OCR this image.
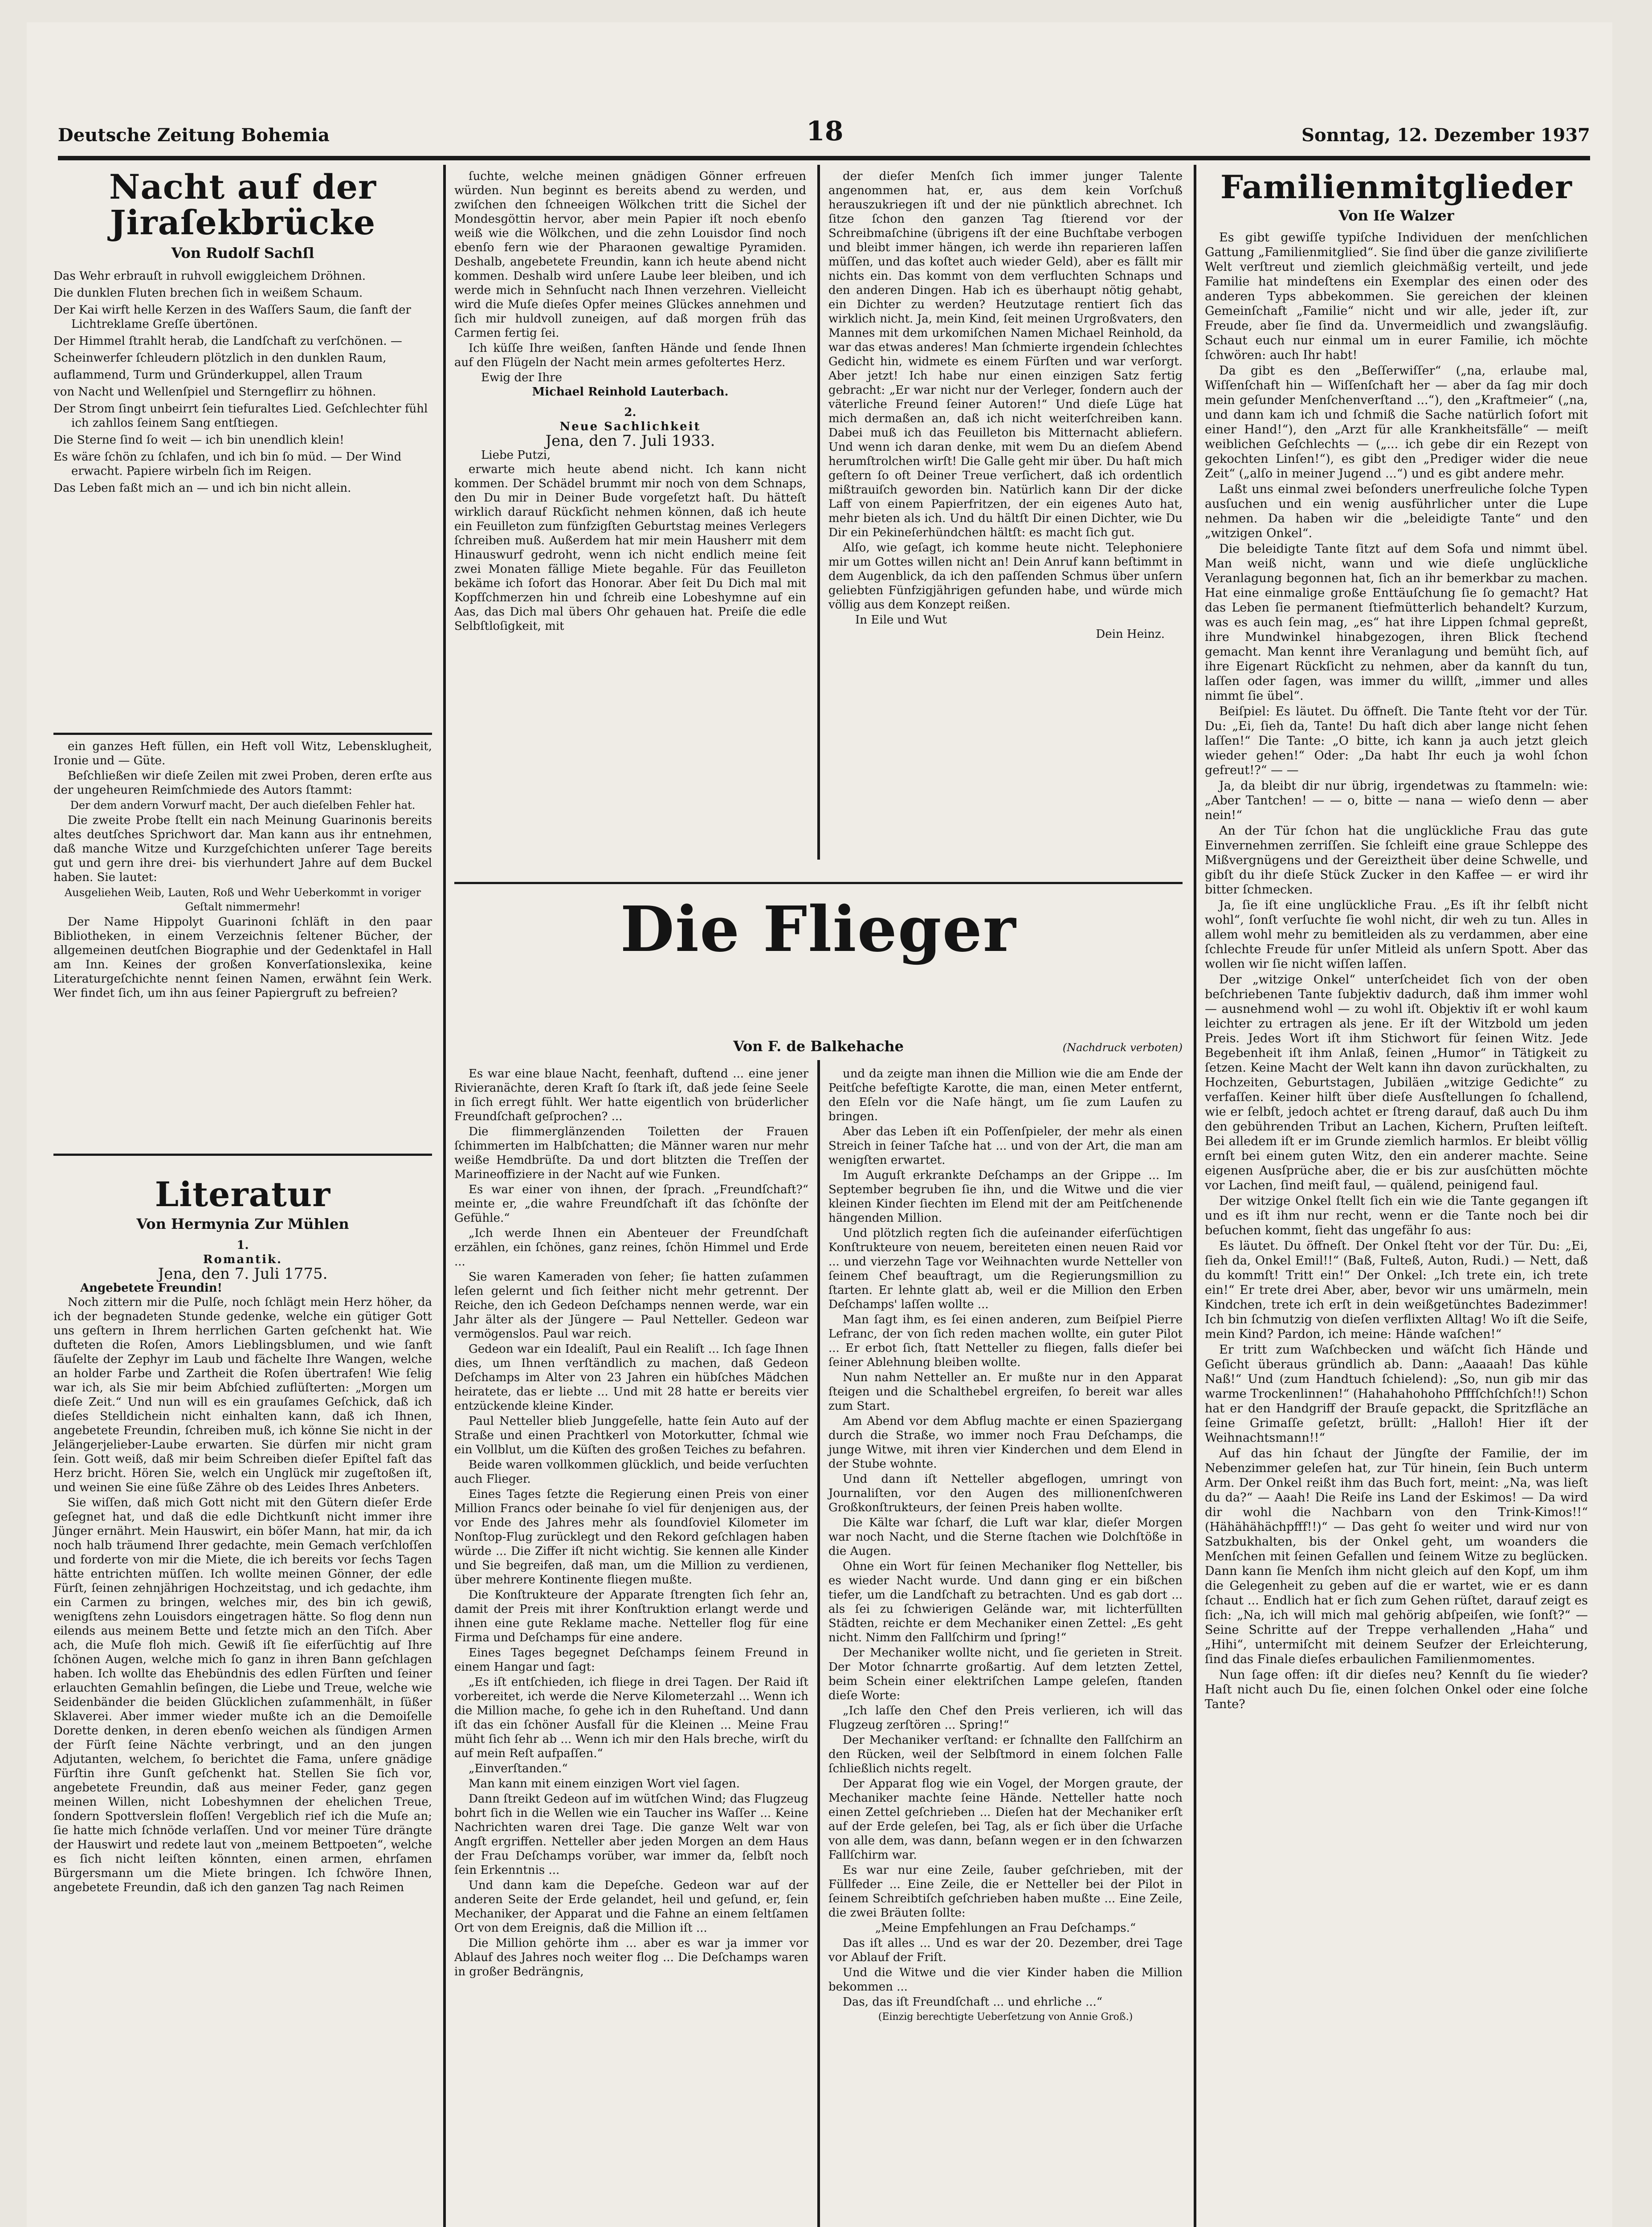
Deutsche Zeitung Bohemia	18	Sonntag, 12. Dezember 1937
Nacht auf der Jiraſekbrücke
Von Rudolf Sachſl

Das Wehr erbrauſt in ruhvoll ewiggleichem Dröhnen.

Die dunklen Fluten brechen ſich in weißem Schaum.

Der Kai wirft helle Kerzen in des Waſſers Saum, die ſanft der Lichtreklame Greſſe übertönen.

Der Himmel ſtrahlt herab, die Landſchaft zu verſchönen. —

Scheinwerfer ſchleudern plötzlich in den dunklen Raum,

auflammend, Turm und Gründerkuppel, allen Traum

von Nacht und Wellenſpiel und Sterngeflirr zu höhnen.

Der Strom ſingt unbeirrt ſein tiefuraltes Lied. Geſchlechter fühl ich zahllos ſeinem Sang entſtiegen.

Die Sterne ſind ſo weit — ich bin unendlich klein!

Es wäre ſchön zu ſchlafen, und ich bin ſo müd. — Der Wind erwacht. Papiere wirbeln ſich im Reigen.

Das Leben faßt mich an — und ich bin nicht allein.

ein ganzes Heft füllen, ein Heft voll Witz, Lebensklugheit, Ironie und — Güte.

Beſchließen wir dieſe Zeilen mit zwei Proben, deren erſte aus der ungeheuren Reimſchmiede des Autors ſtammt:

Der dem andern Vorwurf macht, Der auch dieſelben Fehler hat.

Die zweite Probe ſtellt ein nach Meinung Guarinonis bereits altes deutſches Sprichwort dar. Man kann aus ihr entnehmen, daß manche Witze und Kurzgeſchichten unſerer Tage bereits gut und gern ihre drei- bis vierhundert Jahre auf dem Buckel haben. Sie lautet:

Ausgeliehen Weib, Lauten, Roß und Wehr Ueberkommt in voriger Geſtalt nimmermehr!

Der Name Hippolyt Guarinoni ſchläft in den paar Bibliotheken, in einem Verzeichnis ſeltener Bücher, der allgemeinen deutſchen Biographie und der Gedenktafel in Hall am Inn. Keines der großen Konverſationslexika, keine Literaturgeſchichte nennt ſeinen Namen, erwähnt ſein Werk. Wer findet ſich, um ihn aus ſeiner Papiergruft zu befreien?

Literatur
Von Hermynia Zur Mühlen
1.
Romantik.
Jena, den 7. Juli 1775.
Angebetete Freundin!

Noch zittern mir die Pulſe, noch ſchlägt mein Herz höher, da ich der begnadeten Stunde gedenke, welche ein gütiger Gott uns geſtern in Ihrem herrlichen Garten geſchenkt hat. Wie dufteten die Roſen, Amors Lieblingsblumen, und wie ſanft ſäuſelte der Zephyr im Laub und fächelte Ihre Wangen, welche an holder Farbe und Zartheit die Roſen übertrafen! Wie ſelig war ich, als Sie mir beim Abſchied zuflüſterten: „Morgen um dieſe Zeit.“ Und nun will es ein grauſames Geſchick, daß ich dieſes Stelldichein nicht einhalten kann, daß ich Ihnen, angebetete Freundin, ſchreiben muß, ich könne Sie nicht in der Jelängerjelieber-Laube erwarten. Sie dürfen mir nicht gram ſein. Gott weiß, daß mir beim Schreiben dieſer Epiſtel faſt das Herz bricht. Hören Sie, welch ein Unglück mir zugeſtoßen iſt, und weinen Sie eine ſüße Zähre ob des Leides Ihres Anbeters.

Sie wiſſen, daß mich Gott nicht mit den Gütern dieſer Erde geſegnet hat, und daß die edle Dichtkunſt nicht immer ihre Jünger ernährt. Mein Hauswirt, ein böſer Mann, hat mir, da ich noch halb träumend Ihrer gedachte, mein Gemach verſchloſſen und forderte von mir die Miete, die ich bereits vor ſechs Tagen hätte entrichten müſſen. Ich wollte meinen Gönner, der edle Fürſt, ſeinen zehnjährigen Hochzeitstag, und ich gedachte, ihm ein Carmen zu bringen, welches mir, des bin ich gewiß, wenigſtens zehn Louisdors eingetragen hätte. So flog denn nun eilends aus meinem Bette und ſetzte mich an den Tiſch. Aber ach, die Muſe floh mich. Gewiß iſt ſie eiferſüchtig auf Ihre ſchönen Augen, welche mich ſo ganz in ihren Bann geſchlagen haben. Ich wollte das Ehebündnis des edlen Fürſten und ſeiner erlauchten Gemahlin beſingen, die Liebe und Treue, welche wie Seidenbänder die beiden Glücklichen zuſammenhält, in ſüßer Sklaverei. Aber immer wieder mußte ich an die Demoiſelle Dorette denken, in deren ebenſo weichen als ſündigen Armen der Fürſt ſeine Nächte verbringt, und an den jungen Adjutanten, welchem, ſo berichtet die Fama, unſere gnädige Fürſtin ihre Gunſt geſchenkt hat. Stellen Sie ſich vor, angebetete Freundin, daß aus meiner Feder, ganz gegen meinen Willen, nicht Lobeshymnen der ehelichen Treue, ſondern Spottverslein floſſen! Vergeblich rief ich die Muſe an; ſie hatte mich ſchnöde verlaſſen. Und vor meiner Türe drängte der Hauswirt und redete laut von „meinem Bettpoeten“, welche es ſich nicht leiſten könnten, einen armen, ehrſamen Bürgersmann um die Miete bringen. Ich ſchwöre Ihnen, angebetete Freundin, daß ich den ganzen Tag nach Reimen

ſuchte, welche meinen gnädigen Gönner erfreuen würden. Nun beginnt es bereits abend zu werden, und zwiſchen den ſchneeigen Wölkchen tritt die Sichel der Mondesgöttin hervor, aber mein Papier iſt noch ebenſo weiß wie die Wölkchen, und die zehn Louisdor ſind noch ebenſo fern wie der Pharaonen gewaltige Pyramiden. Deshalb, angebetete Freundin, kann ich heute abend nicht kommen. Deshalb wird unſere Laube leer bleiben, und ich werde mich in Sehnſucht nach Ihnen verzehren. Vielleicht wird die Muſe dieſes Opfer meines Glückes annehmen und ſich mir huldvoll zuneigen, auf daß morgen früh das Carmen fertig ſei.

Ich küſſe Ihre weißen, ſanften Hände und ſende Ihnen auf den Flügeln der Nacht mein armes gefoltertes Herz.

Ewig der Ihre
Michael Reinhold Lauterbach.
2.
Neue Sachlichkeit
Jena, den 7. Juli 1933.
Liebe Putzi,

erwarte mich heute abend nicht. Ich kann nicht kommen. Der Schädel brummt mir noch von dem Schnaps, den Du mir in Deiner Bude vorgeſetzt haſt. Du hätteſt wirklich darauf Rückſicht nehmen können, daß ich heute ein Feuilleton zum fünfzigſten Geburtstag meines Verlegers ſchreiben muß. Außerdem hat mir mein Hausherr mit dem Hinauswurf gedroht, wenn ich nicht endlich meine ſeit zwei Monaten fällige Miete begahle. Für das Feuilleton bekäme ich ſofort das Honorar. Aber ſeit Du Dich mal mit Kopfſchmerzen hin und ſchreib eine Lobeshymne auf ein Aas, das Dich mal übers Ohr gehauen hat. Preiſe die edle Selbſtloſigkeit, mit

der dieſer Menſch ſich immer junger Talente angenommen hat, er, aus dem kein Vorſchuß herauszukriegen iſt und der nie pünktlich abrechnet. Ich ſitze ſchon den ganzen Tag ſtierend vor der Schreibmaſchine (übrigens iſt der eine Buchſtabe verbogen und bleibt immer hängen, ich werde ihn reparieren laſſen müſſen, und das koſtet auch wieder Geld), aber es fällt mir nichts ein. Das kommt von dem verfluchten Schnaps und den anderen Dingen. Hab ich es überhaupt nötig gehabt, ein Dichter zu werden? Heutzutage rentiert ſich das wirklich nicht. Ja, mein Kind, ſeit meinen Urgroßvaters, den Mannes mit dem urkomiſchen Namen Michael Reinhold, da war das etwas anderes! Man ſchmierte irgendein ſchlechtes Gedicht hin, widmete es einem Fürſten und war verſorgt. Aber jetzt! Ich habe nur einen einzigen Satz fertig gebracht: „Er war nicht nur der Verleger, ſondern auch der väterliche Freund ſeiner Autoren!“ Und dieſe Lüge hat mich dermaßen an, daß ich nicht weiterſchreiben kann. Dabei muß ich das Feuilleton bis Mitternacht abliefern. Und wenn ich daran denke, mit wem Du an dieſem Abend herumſtrolchen wirſt! Die Galle geht mir über. Du haſt mich geſtern ſo oft Deiner Treue verſichert, daß ich ordentlich mißtrauiſch geworden bin. Natürlich kann Dir der dicke Laff von einem Papierfritzen, der ein eigenes Auto hat, mehr bieten als ich. Und du hältſt Dir einen Dichter, wie Du Dir ein Pekineſerhündchen hältſt: es macht ſich gut.

Alſo, wie geſagt, ich komme heute nicht. Telephoniere mir um Gottes willen nicht an! Dein Anruf kann beſtimmt in dem Augenblick, da ich den paſſenden Schmus über unſern geliebten Fünfzigjährigen gefunden habe, und würde mich völlig aus dem Konzept reißen.

In Eile und Wut
Dein Heinz.
Die Flieger
Von F. de Balkehache	(Nachdruck verboten)

Es war eine blaue Nacht, feenhaft, duftend ... eine jener Rivieranächte, deren Kraft ſo ſtark iſt, daß jede ſeine Seele in ſich erregt fühlt. Wer hatte eigentlich von brüderlicher Freundſchaft geſprochen? ...

Die flimmerglänzenden Toiletten der Frauen ſchimmerten im Halbſchatten; die Männer waren nur mehr weiße Hemdbrüſte. Da und dort blitzten die Treſſen der Marineoffiziere in der Nacht auf wie Funken.

Es war einer von ihnen, der ſprach. „Freundſchaft?“ meinte er, „die wahre Freundſchaft iſt das ſchönſte der Gefühle.“

„Ich werde Ihnen ein Abenteuer der Freundſchaft erzählen, ein ſchönes, ganz reines, ſchön Himmel und Erde ...

Sie waren Kameraden von ſeher; ſie hatten zuſammen leſen gelernt und ſich ſeither nicht mehr getrennt. Der Reiche, den ich Gedeon Deſchamps nennen werde, war ein Jahr älter als der Jüngere — Paul Netteller. Gedeon war vermögenslos. Paul war reich.

Gedeon war ein Idealiſt, Paul ein Realiſt ... Ich ſage Ihnen dies, um Ihnen verſtändlich zu machen, daß Gedeon Deſchamps im Alter von 23 Jahren ein hübſches Mädchen heiratete, das er liebte ... Und mit 28 hatte er bereits vier entzückende kleine Kinder.

Paul Netteller blieb Junggeſelle, hatte ſein Auto auf der Straße und einen Prachtkerl von Motorkutter, ſchmal wie ein Vollblut, um die Küſten des großen Teiches zu befahren.

Beide waren vollkommen glücklich, und beide verſuchten auch Flieger.

Eines Tages ſetzte die Regierung einen Preis von einer Million Francs oder beinahe ſo viel für denjenigen aus, der vor Ende des Jahres mehr als ſoundſoviel Kilometer im Nonſtop-Flug zurücklegt und den Rekord geſchlagen haben würde ... Die Ziffer iſt nicht wichtig. Sie kennen alle Kinder und Sie begreifen, daß man, um die Million zu verdienen, über mehrere Kontinente fliegen mußte.

Die Konſtrukteure der Apparate ſtrengten ſich ſehr an, damit der Preis mit ihrer Konſtruktion erlangt werde und ihnen eine gute Reklame mache. Netteller flog für eine Firma und Deſchamps für eine andere.

Eines Tages begegnet Deſchamps ſeinem Freund in einem Hangar und ſagt:

„Es iſt entſchieden, ich fliege in drei Tagen. Der Raid iſt vorbereitet, ich werde die Nerve Kilometerzahl ... Wenn ich die Million mache, ſo gehe ich in den Ruheſtand. Und dann iſt das ein ſchöner Ausfall für die Kleinen ... Meine Frau müht ſich ſehr ab ... Wenn ich mir den Hals breche, wirſt du auf mein Reſt aufpaſſen.“

„Einverſtanden.“

Man kann mit einem einzigen Wort viel ſagen.

Dann ſtreikt Gedeon auf im wütſchen Wind; das Flugzeug bohrt ſich in die Wellen wie ein Taucher ins Waſſer ... Keine Nachrichten waren drei Tage. Die ganze Welt war von Angſt ergriffen. Netteller aber jeden Morgen an dem Haus der Frau Deſchamps vorüber, war immer da, ſelbſt noch ſein Erkenntnis ...

Und dann kam die Depeſche. Gedeon war auf der anderen Seite der Erde gelandet, heil und geſund, er, ſein Mechaniker, der Apparat und die Fahne an einem ſeltſamen Ort von dem Ereignis, daß die Million iſt ...

Die Million gehörte ihm ... aber es war ja immer vor Ablauf des Jahres noch weiter flog ... Die Deſchamps waren in großer Bedrängnis,

und da zeigte man ihnen die Million wie die am Ende der Peitſche befeſtigte Karotte, die man, einen Meter entfernt, den Eſeln vor die Naſe hängt, um ſie zum Laufen zu bringen.

Aber das Leben iſt ein Poſſenſpieler, der mehr als einen Streich in ſeiner Taſche hat ... und von der Art, die man am wenigſten erwartet.

Im Auguſt erkrankte Deſchamps an der Grippe ... Im September begruben ſie ihn, und die Witwe und die vier kleinen Kinder ſiechten im Elend mit der am Peitſchenende hängenden Million.

Und plötzlich regten ſich die auſeinander eiferſüchtigen Konſtrukteure von neuem, bereiteten einen neuen Raid vor ... und vierzehn Tage vor Weihnachten wurde Netteller von ſeinem Chef beauftragt, um die Regierungsmillion zu ſtarten. Er lehnte glatt ab, weil er die Million den Erben Deſchamps' laſſen wollte ...

Man ſagt ihm, es ſei einen anderen, zum Beiſpiel Pierre Lefranc, der von ſich reden machen wollte, ein guter Pilot ... Er erbot ſich, ſtatt Netteller zu fliegen, falls dieſer bei ſeiner Ablehnung bleiben wollte.

Nun nahm Netteller an. Er mußte nur in den Apparat ſteigen und die Schalthebel ergreifen, ſo bereit war alles zum Start.

Am Abend vor dem Abflug machte er einen Spaziergang durch die Straße, wo immer noch Frau Deſchamps, die junge Witwe, mit ihren vier Kinderchen und dem Elend in der Stube wohnte.

Und dann iſt Netteller abgeflogen, umringt von Journaliſten, vor den Augen des millionenſchweren Großkonſtrukteurs, der ſeinen Preis haben wollte.

Die Kälte war ſcharf, die Luft war klar, dieſer Morgen war noch Nacht, und die Sterne ſtachen wie Dolchſtöße in die Augen.

Ohne ein Wort für ſeinen Mechaniker flog Netteller, bis es wieder Nacht wurde. Und dann ging er ein bißchen tiefer, um die Landſchaft zu betrachten. Und es gab dort ... als ſei zu ſchwierigen Gelände war, mit lichterfüllten Städten, reichte er dem Mechaniker einen Zettel: „Es geht nicht. Nimm den Fallſchirm und ſpring!“

Der Mechaniker wollte nicht, und ſie gerieten in Streit. Der Motor ſchnarrte großartig. Auf dem letzten Zettel, beim Schein einer elektriſchen Lampe geleſen, ſtanden dieſe Worte:

„Ich laſſe den Chef den Preis verlieren, ich will das Flugzeug zerſtören ... Spring!“

Der Mechaniker verſtand: er ſchnallte den Fallſchirm an den Rücken, weil der Selbſtmord in einem ſolchen Falle ſchließlich nichts regelt.

Der Apparat flog wie ein Vogel, der Morgen graute, der Mechaniker machte ſeine Hände. Netteller hatte noch einen Zettel geſchrieben ... Dieſen hat der Mechaniker erſt auf der Erde geleſen, bei Tag, als er ſich über die Urſache von alle dem, was dann, beſann wegen er in den ſchwarzen Fallſchirm war.

Es war nur eine Zeile, ſauber geſchrieben, mit der Füllfeder ... Eine Zeile, die er Netteller bei der Pilot in ſeinem Schreibtiſch geſchrieben haben mußte ... Eine Zeile, die zwei Bräuten ſollte:

„Meine Empfehlungen an Frau Deſchamps.“

Das iſt alles ... Und es war der 20. Dezember, drei Tage vor Ablauf der Friſt.

Und die Witwe und die vier Kinder haben die Million bekommen ...

Das, das iſt Freundſchaft ... und ehrliche ...“

(Einzig berechtigte Ueberſetzung von Annie Groß.)

Familienmitglieder
Von Iſe Walzer

Es gibt gewiſſe typiſche Individuen der menſchlichen Gattung „Familienmitglied“. Sie ſind über die ganze ziviliſierte Welt verſtreut und ziemlich gleichmäßig verteilt, und jede Familie hat mindeſtens ein Exemplar des einen oder des anderen Typs abbekommen. Sie gereichen der kleinen Gemeinſchaft „Familie“ nicht und wir alle, jeder iſt, zur Freude, aber ſie ſind da. Unvermeidlich und zwangsläufig. Schaut euch nur einmal um in eurer Familie, ich möchte ſchwören: auch Ihr habt!

Da gibt es den „Beſſerwiſſer“ („na, erlaube mal, Wiſſenſchaft hin — Wiſſenſchaft her — aber da ſag mir doch mein geſunder Menſchenverſtand ...“), den „Kraftmeier“ („na, und dann kam ich und ſchmiß die Sache natürlich ſofort mit einer Hand!“), den „Arzt für alle Krankheitsfälle“ — meiſt weiblichen Geſchlechts — („... ich gebe dir ein Rezept von gekochten Linſen!“), es gibt den „Prediger wider die neue Zeit“ („alſo in meiner Jugend ...“) und es gibt andere mehr.

Laßt uns einmal zwei beſonders unerfreuliche ſolche Typen ausſuchen und ein wenig ausführlicher unter die Lupe nehmen. Da haben wir die „beleidigte Tante“ und den „witzigen Onkel“.

Die beleidigte Tante ſitzt auf dem Sofa und nimmt übel. Man weiß nicht, wann und wie dieſe unglückliche Veranlagung begonnen hat, ſich an ihr bemerkbar zu machen. Hat eine einmalige große Enttäuſchung ſie ſo gemacht? Hat das Leben ſie permanent ſtiefmütterlich behandelt? Kurzum, was es auch ſein mag, „es“ hat ihre Lippen ſchmal gepreßt, ihre Mundwinkel hinabgezogen, ihren Blick ſtechend gemacht. Man kennt ihre Veranlagung und bemüht ſich, auf ihre Eigenart Rückſicht zu nehmen, aber da kannſt du tun, laſſen oder ſagen, was immer du willſt, „immer und alles nimmt ſie übel“.

Beiſpiel: Es läutet. Du öffneſt. Die Tante ſteht vor der Tür. Du: „Ei, ſieh da, Tante! Du haſt dich aber lange nicht ſehen laſſen!“ Die Tante: „O bitte, ich kann ja auch jetzt gleich wieder gehen!“ Oder: „Da habt Ihr euch ja wohl ſchon gefreut!?“ — —

Ja, da bleibt dir nur übrig, irgendetwas zu ſtammeln: wie: „Aber Tantchen! — — o, bitte — nana — wieſo denn — aber nein!“

An der Tür ſchon hat die unglückliche Frau das gute Einvernehmen zerriſſen. Sie ſchleift eine graue Schleppe des Mißvergnügens und der Gereiztheit über deine Schwelle, und gibſt du ihr dieſe Stück Zucker in den Kaffee — er wird ihr bitter ſchmecken.

Ja, ſie iſt eine unglückliche Frau. „Es iſt ihr ſelbſt nicht wohl“, ſonſt verſuchte ſie wohl nicht, dir weh zu tun. Alles in allem wohl mehr zu bemitleiden als zu verdammen, aber eine ſchlechte Freude für unſer Mitleid als unſern Spott. Aber das wollen wir ſie nicht wiſſen laſſen.

Der „witzige Onkel“ unterſcheidet ſich von der oben beſchriebenen Tante ſubjektiv dadurch, daß ihm immer wohl — ausnehmend wohl — zu wohl iſt. Objektiv iſt er wohl kaum leichter zu ertragen als jene. Er iſt der Witzbold um jeden Preis. Jedes Wort iſt ihm Stichwort für ſeinen Witz. Jede Begebenheit iſt ihm Anlaß, ſeinen „Humor“ in Tätigkeit zu ſetzen. Keine Macht der Welt kann ihn davon zurückhalten, zu Hochzeiten, Geburtstagen, Jubiläen „witzige Gedichte“ zu verfaſſen. Keiner hilft über dieſe Ausſtellungen ſo ſchallend, wie er ſelbſt, jedoch achtet er ſtreng darauf, daß auch Du ihm den gebührenden Tribut an Lachen, Kichern, Pruſten leiſteſt. Bei alledem iſt er im Grunde ziemlich harmlos. Er bleibt völlig ernſt bei einem guten Witz, den ein anderer machte. Seine eigenen Ausſprüche aber, die er bis zur ausſchütten möchte vor Lachen, ſind meiſt faul, — quälend, peinigend faul.

Der witzige Onkel ſtellt ſich ein wie die Tante gegangen iſt und es iſt ihm nur recht, wenn er die Tante noch bei dir beſuchen kommt, ſieht das ungefähr ſo aus:

Es läutet. Du öffneſt. Der Onkel ſteht vor der Tür. Du: „Ei, ſieh da, Onkel Emil!!“ (Baß, Fulteß, Auton, Rudi.) — Nett, daß du kommſt! Tritt ein!“ Der Onkel: „Ich trete ein, ich trete ein!“ Er trete drei Aber, aber, bevor wir uns umärmeln, mein Kindchen, trete ich erſt in dein weißgetünchtes Badezimmer! Ich bin ſchmutzig von dieſen verflixten Alltag! Wo iſt die Seife, mein Kind? Pardon, ich meine: Hände waſchen!“

Er tritt zum Waſchbecken und wäſcht ſich Hände und Geſicht überaus gründlich ab. Dann: „Aaaaah! Das kühle Naß!“ Und (zum Handtuch ſchielend): „So, nun gib mir das warme Trockenlinnen!“ (Hahahahohoho Pfffſchſchſch!!) Schon hat er den Handgriff der Brauſe gepackt, die Spritzfläche an ſeine Grimaſſe geſetzt, brüllt: „Halloh! Hier iſt der Weihnachtsmann!!“

Auf das hin ſchaut der Jüngſte der Familie, der im Nebenzimmer geleſen hat, zur Tür hinein, ſein Buch unterm Arm. Der Onkel reißt ihm das Buch fort, meint: „Na, was lieſt du da?“ — Aaah! Die Reiſe ins Land der Eskimos! — Da wird dir wohl die Nachbarn von den Trink-Kimos!!“ (Hähähähächpfff!!)“ — Das geht ſo weiter und wird nur von Satzbukhalten, bis der Onkel geht, um woanders die Menſchen mit ſeinen Gefallen und ſeinem Witze zu beglücken. Dann kann ſie Menſch ihm nicht gleich auf den Kopf, um ihm die Gelegenheit zu geben auf die er wartet, wie er es dann ſchaut ... Endlich hat er ſich zum Gehen rüſtet, darauf zeigt es ſich: „Na, ich will mich mal gehörig abſpeiſen, wie ſonſt?“ — Seine Schritte auf der Treppe verhallenden „Haha“ und „Hihi“, untermiſcht mit deinem Seufzer der Erleichterung, ſind das Finale dieſes erbaulichen Familienmomentes.

Nun ſage offen: iſt dir dieſes neu? Kennſt du ſie wieder? Haſt nicht auch Du ſie, einen ſolchen Onkel oder eine ſolche Tante?
